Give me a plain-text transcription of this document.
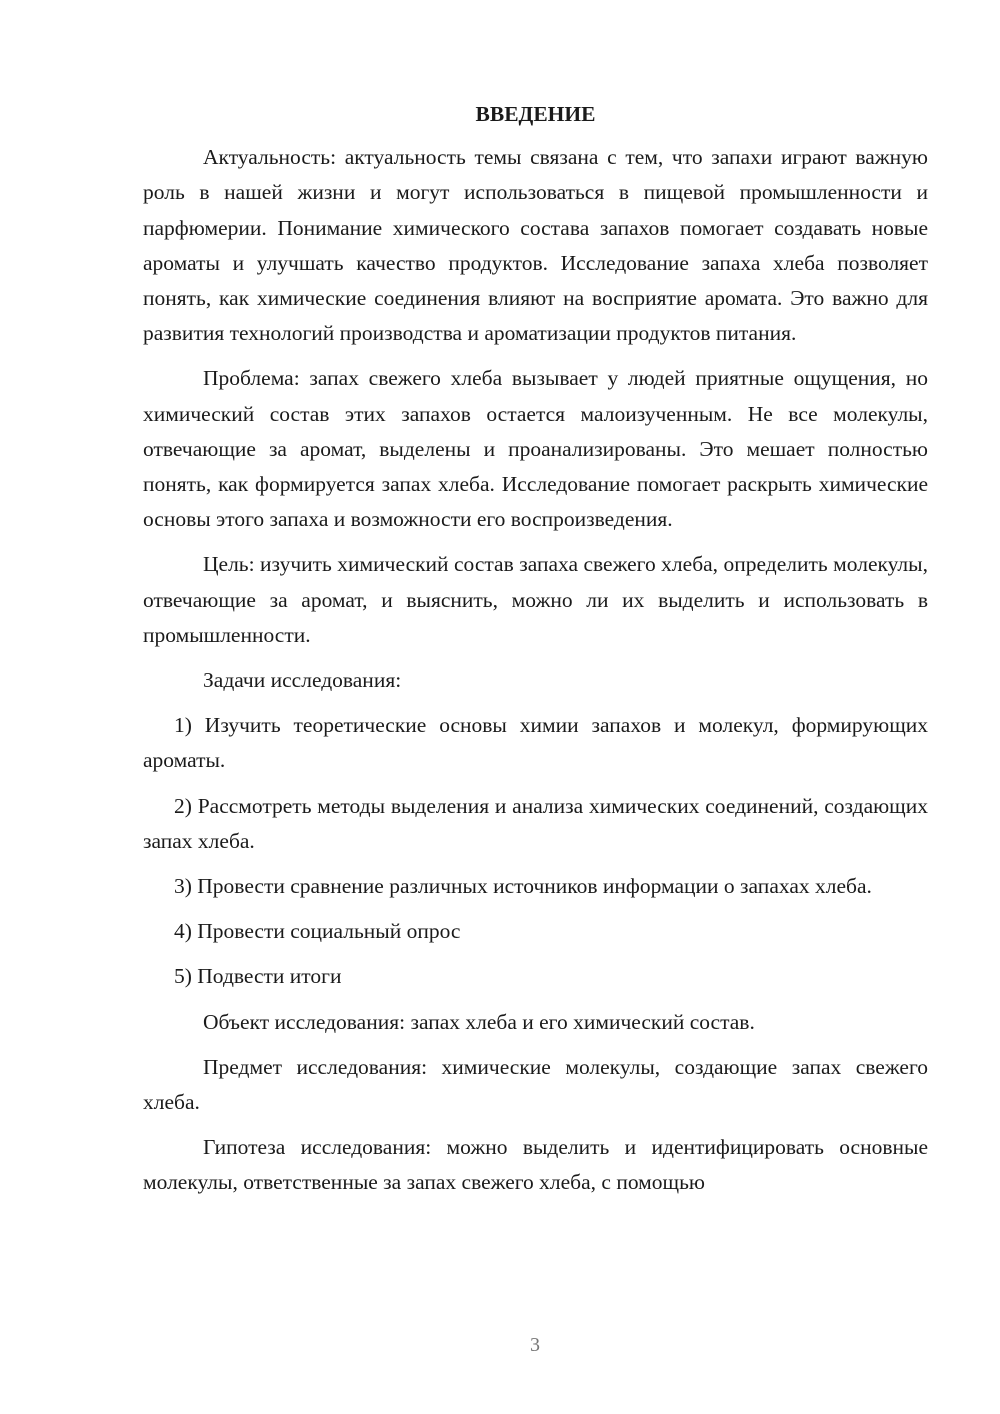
ВВЕДЕНИЕ

Актуальность: актуальность темы связана с тем, что запахи играют важную роль в нашей жизни и могут использоваться в пищевой промышленности и парфюмерии. Понимание химического состава запахов помогает создавать новые ароматы и улучшать качество продуктов. Исследование запаха хлеба позволяет понять, как химические соединения влияют на восприятие аромата. Это важно для развития технологий производства и ароматизации продуктов питания.

Проблема: запах свежего хлеба вызывает у людей приятные ощущения, но химический состав этих запахов остается малоизученным. Не все молекулы, отвечающие за аромат, выделены и проанализированы. Это мешает полностью понять, как формируется запах хлеба. Исследование помогает раскрыть химические основы этого запаха и возможности его воспроизведения.

Цель: изучить химический состав запаха свежего хлеба, определить молекулы, отвечающие за аромат, и выяснить, можно ли их выделить и использовать в промышленности.

Задачи исследования:

1) Изучить теоретические основы химии запахов и молекул, формирующих ароматы.

2) Рассмотреть методы выделения и анализа химических соединений, создающих запах хлеба.

3) Провести сравнение различных источников информации о запахах хлеба.

4) Провести социальный опрос

5) Подвести итоги

Объект исследования: запах хлеба и его химический состав.

Предмет исследования: химические молекулы, создающие запах свежего хлеба.

Гипотеза исследования: можно выделить и идентифицировать основные молекулы, ответственные за запах свежего хлеба, с помощью

3
